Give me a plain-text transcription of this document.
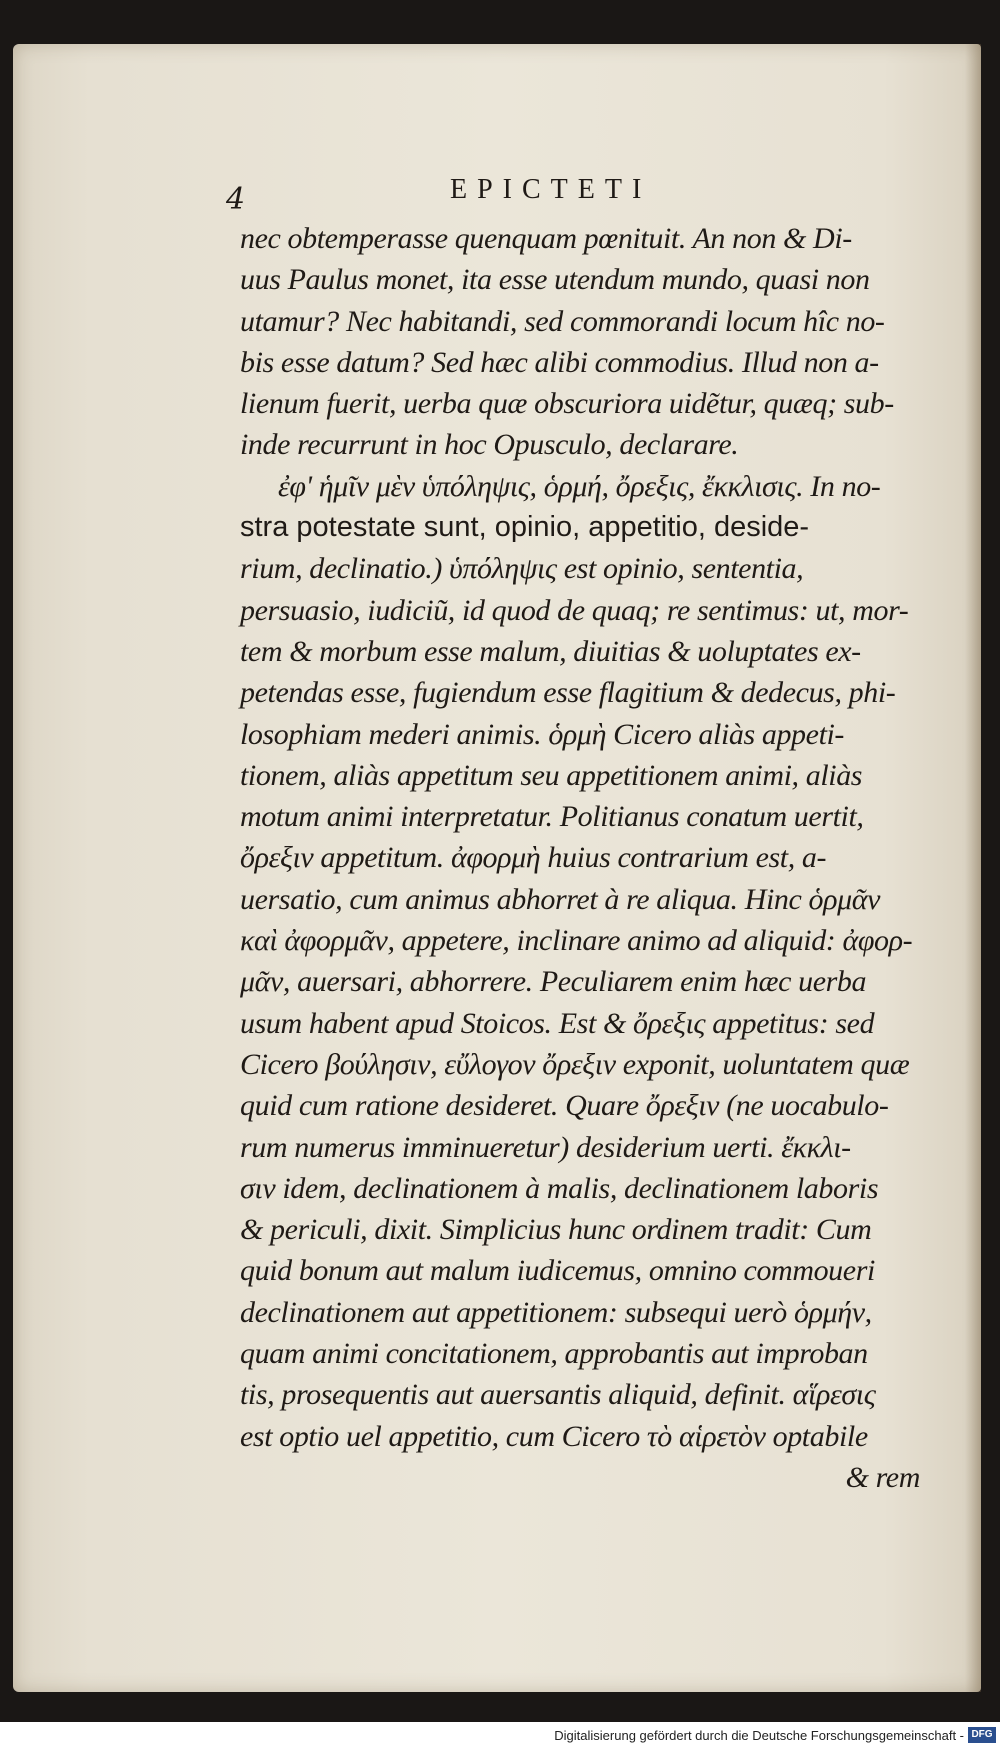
4	EPICTETI
nec obtemperasse quenquam pœnituit. An non & Di-
uus Paulus monet, ita esse utendum mundo, quasi non
utamur? Nec habitandi, sed commorandi locum hîc no-
bis esse datum? Sed hæc alibi commodius. Illud non a-
lienum fuerit, uerba quæ obscuriora uidẽtur, quæq; sub-
inde recurrunt in hoc Opusculo, declarare.
ἐφ' ἡμῖν μὲν ὑπόληψις, ὁρμή, ὄρεξις, ἔκκλισις. In no-
stra potestate sunt, opinio, appetitio, deside-
rium, declinatio.) ὑπόληψις est opinio, sententia,
persuasio, iudiciũ, id quod de quaq; re sentimus: ut, mor-
tem & morbum esse malum, diuitias & uoluptates ex-
petendas esse, fugiendum esse flagitium & dedecus, phi-
losophiam mederi animis. ὁρμὴ Cicero aliàs appeti-
tionem, aliàs appetitum seu appetitionem animi, aliàs
motum animi interpretatur. Politianus conatum uertit,
ὄρεξιν appetitum. ἀφορμὴ huius contrarium est, a-
uersatio, cum animus abhorret à re aliqua. Hinc ὁρμᾶν
καὶ ἀφορμᾶν, appetere, inclinare animo ad aliquid: ἀφορ-
μᾶν, auersari, abhorrere. Peculiarem enim hæc uerba
usum habent apud Stoicos. Est & ὄρεξις appetitus: sed
Cicero βούλησιν, εὔλογον ὄρεξιν exponit, uoluntatem quæ
quid cum ratione desideret. Quare ὄρεξιν (ne uocabulo-
rum numerus imminueretur) desiderium uerti. ἔκκλι-
σιν idem, declinationem à malis, declinationem laboris
& periculi, dixit. Simplicius hunc ordinem tradit: Cum
quid bonum aut malum iudicemus, omnino commoueri
declinationem aut appetitionem: subsequi uerò ὁρμήν,
quam animi concitationem, approbantis aut improban
tis, prosequentis aut auersantis aliquid, definit. αἵρεσις
est optio uel appetitio, cum Cicero τὸ αἱρετὸν optabile
& rem
Digitalisierung gefördert durch die Deutsche Forschungsgemeinschaft - DFG
